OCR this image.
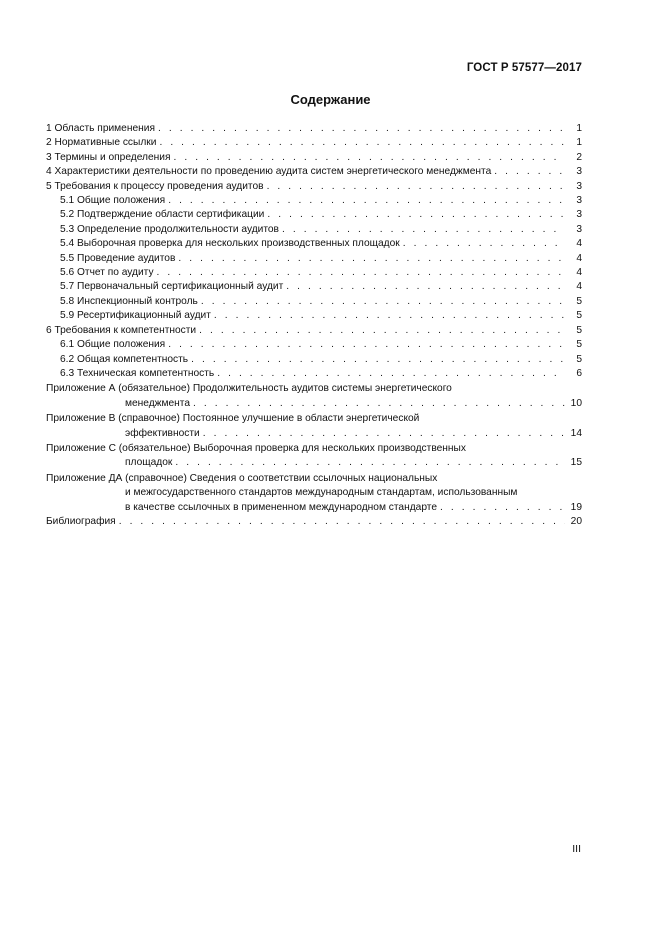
ГОСТ Р 57577—2017
Содержание
1 Область применения . . .	1
2 Нормативные ссылки . . .	1
3 Термины и определения . . .	2
4 Характеристики деятельности по проведению аудита систем энергетического менеджмента . . .	3
5 Требования к процессу проведения аудитов . . .	3
5.1 Общие положения . . .	3
5.2 Подтверждение области сертификации . . .	3
5.3 Определение продолжительности аудитов . . .	3
5.4 Выборочная проверка для нескольких производственных площадок . . .	4
5.5 Проведение аудитов . . .	4
5.6 Отчет по аудиту . . .	4
5.7 Первоначальный сертификационный аудит . . .	4
5.8 Инспекционный контроль . . .	5
5.9 Ресертификационный аудит . . .	5
6 Требования к компетентности . . .	5
6.1 Общие положения . . .	5
6.2 Общая компетентность . . .	5
6.3 Техническая компетентность . . .	6
Приложение А (обязательное) Продолжительность аудитов системы энергетического
менеджмента . . .	10
Приложение В (справочное) Постоянное улучшение в области энергетической
эффективности . . .	14
Приложение С (обязательное) Выборочная проверка для нескольких производственных
площадок . . .	15
Приложение ДА (справочное) Сведения о соответствии ссылочных национальных
и межгосударственного стандартов международным стандартам, использованным
в качестве ссылочных в примененном международном стандарте . . .	19
Библиография . . .	20
III
